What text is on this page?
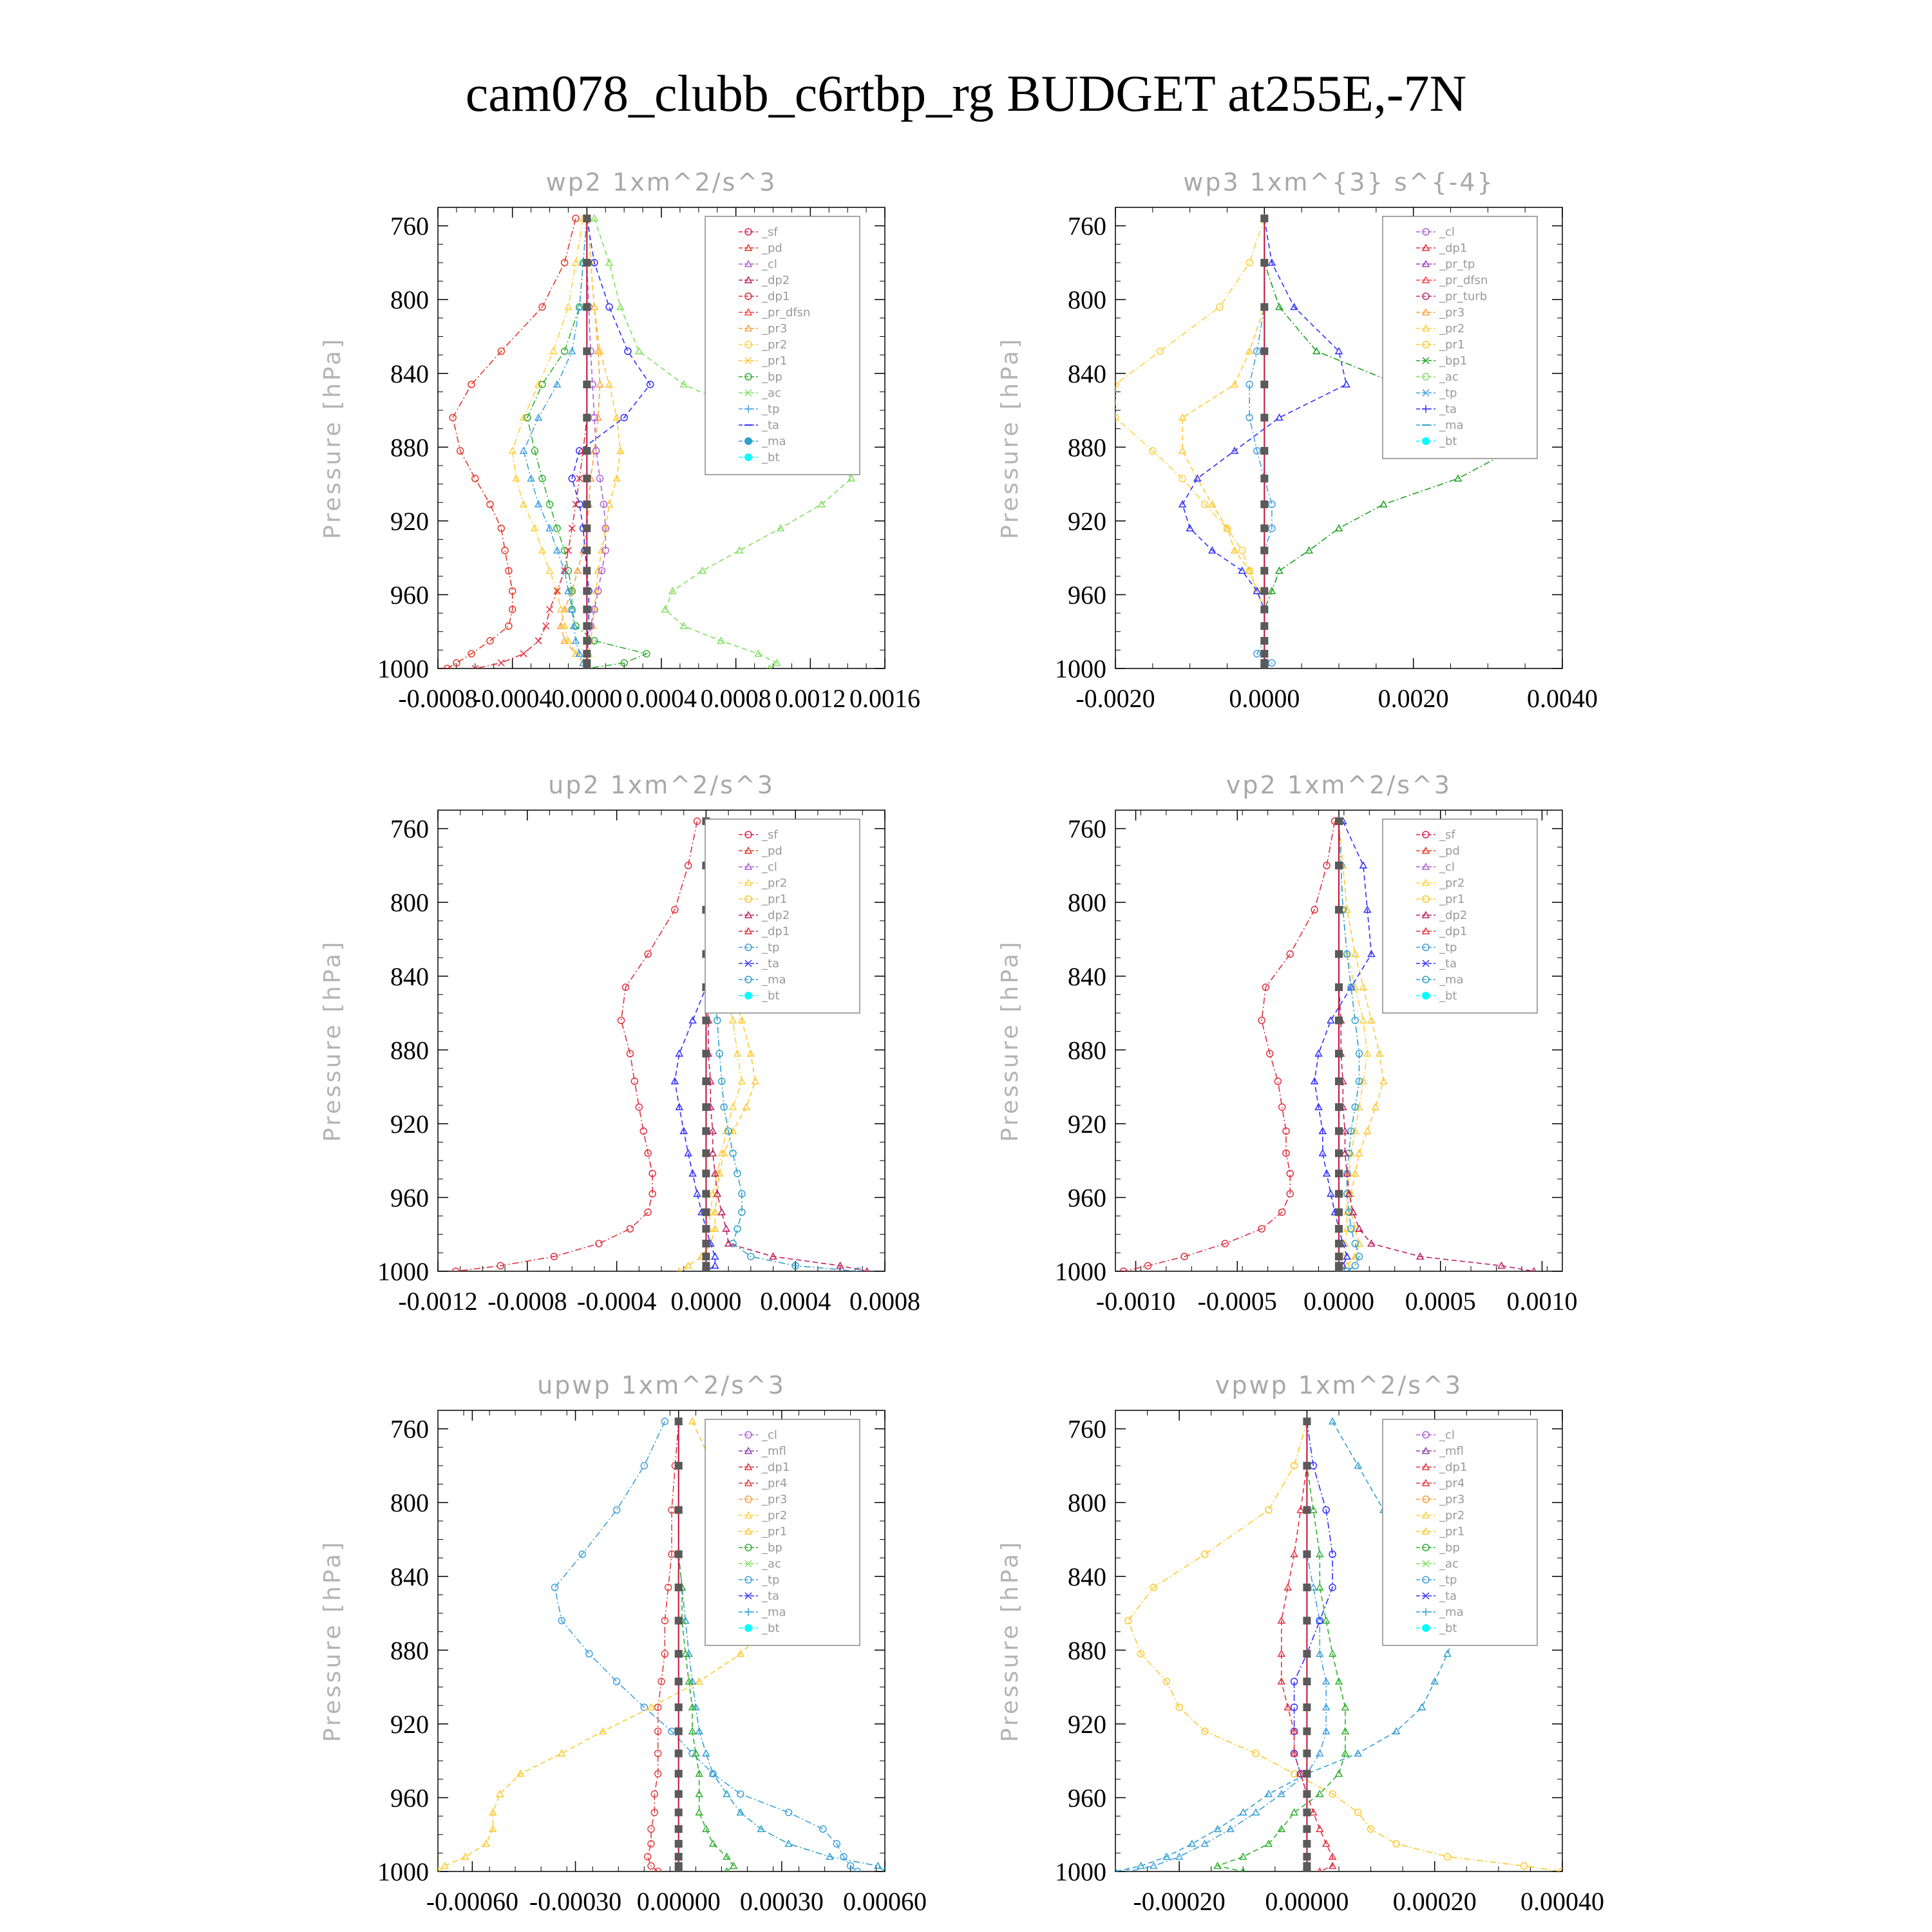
cam078_clubb_c6rtbp_rg BUDGET at255E,-7N
wp2 1xm^2/s^3
Pressure [hPa]
760
800
840
880
920
960
1000
-0.0008
-0.0004 0.0000 0.0004 0.0008 0.0012 0.0016
_sf
_pd
_cl
_dp2
_dp1
_pr_dfsn
_pr3
_pr2
_pr1
_bp
_ac
_tp
_ta
_ma
_bt
wp3 1xm^{3} s^{-4}
Pressure [hPa]
760
800
840
880
920
960
1000
-0.0020	0.0000	0.0020	0.0040
_cl
_dp1
_pr_tp
_pr_dfsn
_pr_turb
_pr3
_pr2
_pr1
_bp1
_ac
_tp
_ta
_ma
_bt
up2 1xm^2/s^3
Pressure [hPa]
760
800
840
880
920
960
1000
-0.0012 -0.0008 -0.0004 0.0000 0.0004 0.0008
_sf
_pd
_cl
_pr2
_pr1
_dp2
_dp1
_tp
_ta
_ma
_bt
vp2 1xm^2/s^3
Pressure [hPa]
760
800
840
880
920
960
1000
-0.0010 -0.0005 0.0000 0.0005 0.0010
_sf
_pd
_cl
_pr2
_pr1
_dp2
_dp1
_tp
_ta
_ma
_bt
upwp 1xm^2/s^3
Pressure [hPa]
760
800
840
880
920
960
1000
-0.00060 -0.00030 0.00000 0.00030 0.00060
_cl
_mfl
_dp1
_pr4
_pr3
_pr2
_pr1
_bp
_ac
_tp
_ta
_ma
_bt
vpwp 1xm^2/s^3
Pressure [hPa]
760
800
840
880
920
960
1000
-0.00020 0.00000 0.00020 0.00040
_cl
_mfl
_dp1
_pr4
_pr3
_pr2
_pr1
_bp
_ac
_tp
_ta
_ma
_bt
